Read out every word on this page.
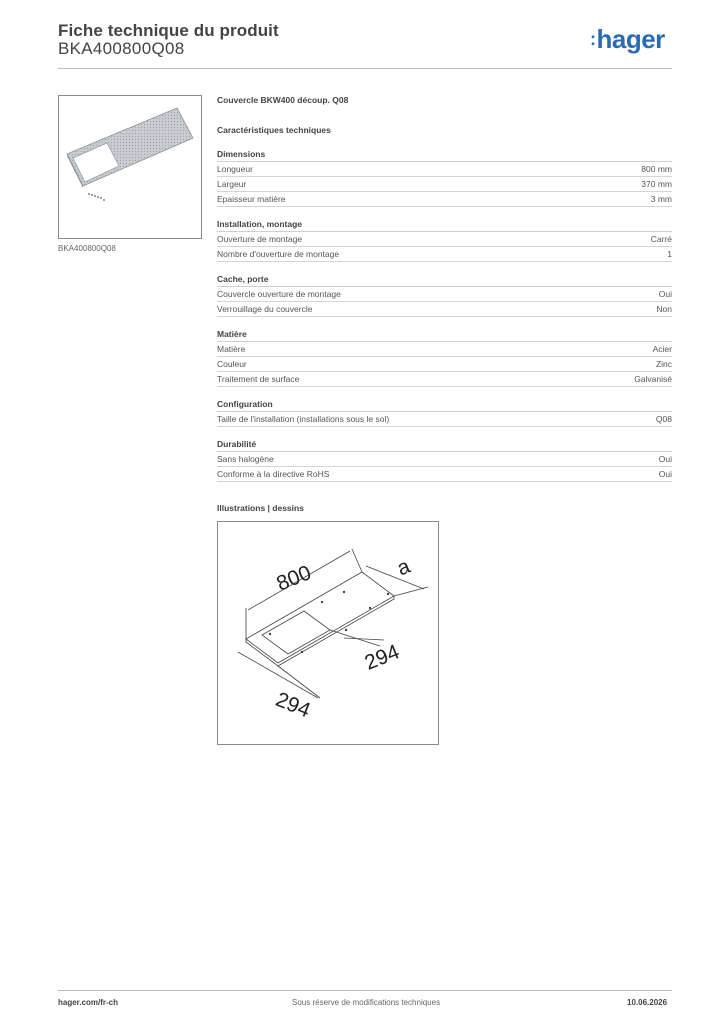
Fiche technique du produit
BKA400800Q08	:hager
BKA400800Q08
Couvercle BKW400 découp. Q08
Caractéristiques techniques
Dimensions
Longueur	800 mm
Largeur	370 mm
Epaisseur matière	3 mm
Installation, montage
Ouverture de montage	Carré
Nombre d'ouverture de montage	1
Cache, porte
Couvercle ouverture de montage	Oui
Verrouillage du couvercle	Non
Matière
Matière	Acier
Couleur	Zinc
Traitement de surface	Galvanisé
Configuration
Taille de l'installation (installations sous le sol)	Q08
Durabilité
Sans halogène	Oui
Conforme à la directive RoHS	Oui
Illustrations | dessins
800	a
294
294
hager.com/fr-ch	Sous réserve de modifications techniques	10.06.2026
